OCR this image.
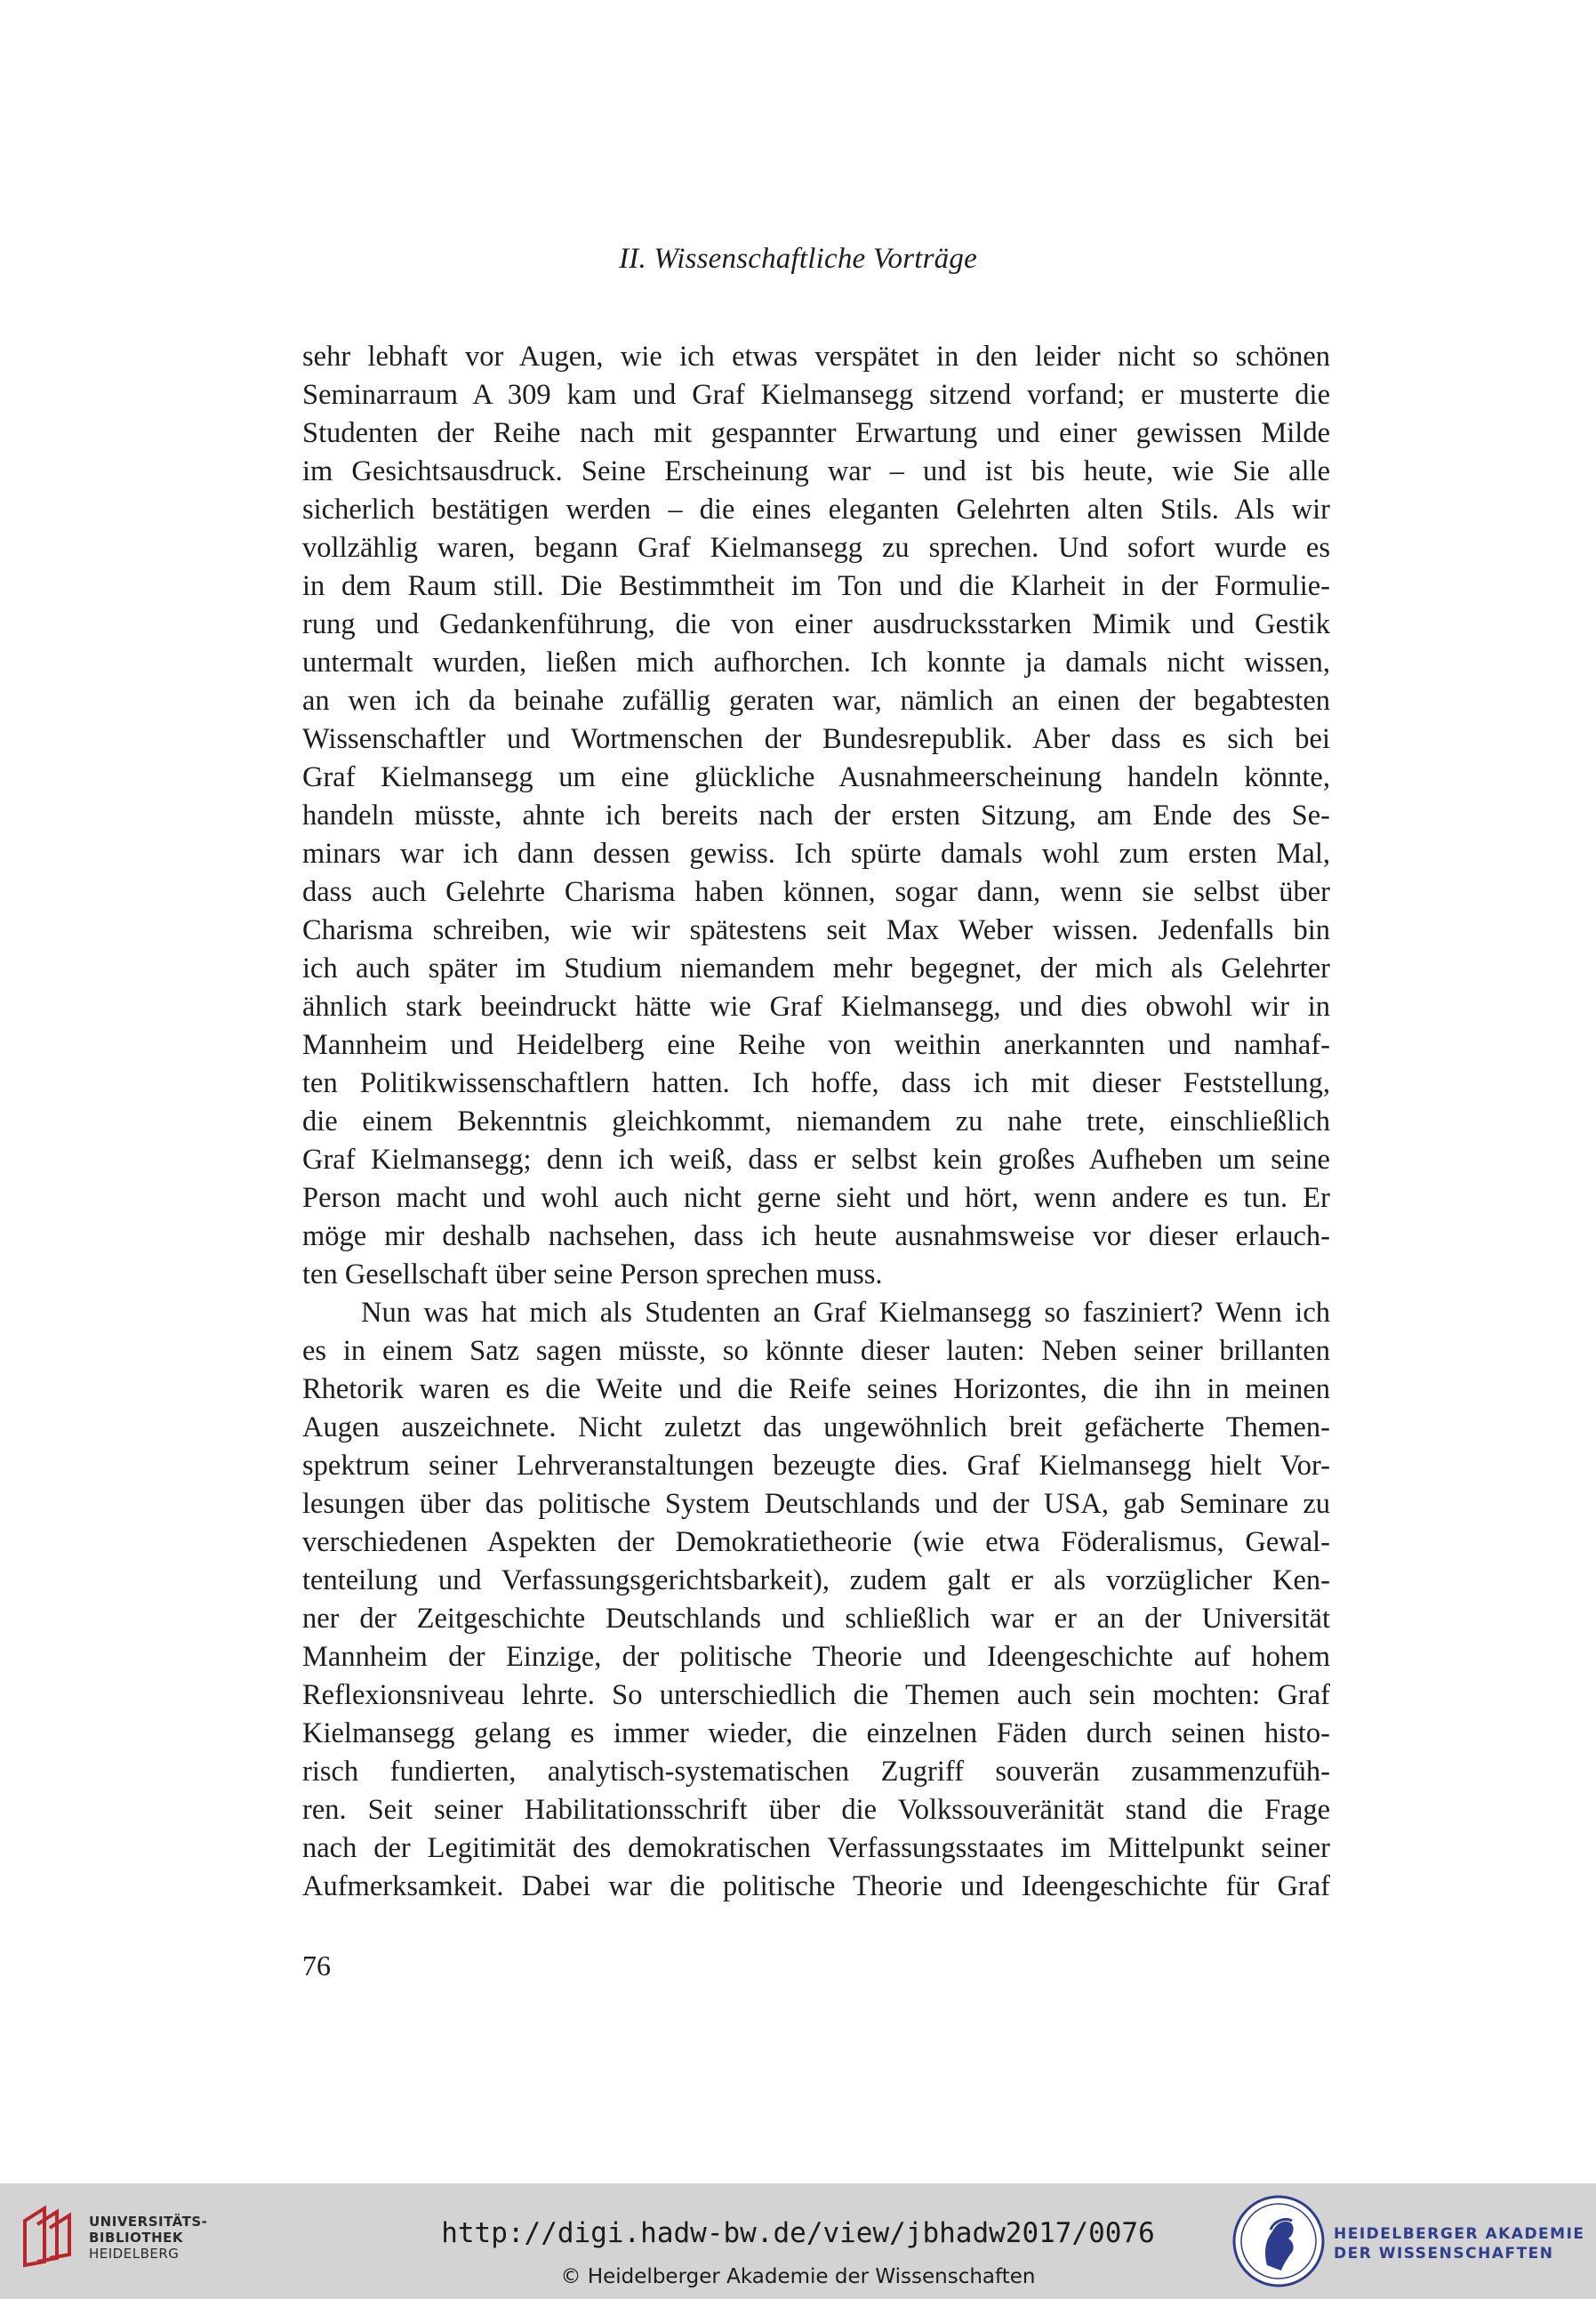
II. Wissenschaftliche Vorträge
sehr lebhaft vor Augen, wie ich etwas verspätet in den leider nicht so schönen
Seminarraum A 309 kam und Graf Kielmansegg sitzend vorfand; er musterte die
Studenten der Reihe nach mit gespannter Erwartung und einer gewissen Milde
im Gesichtsausdruck. Seine Erscheinung war – und ist bis heute, wie Sie alle
sicherlich bestätigen werden – die eines eleganten Gelehrten alten Stils. Als wir
vollzählig waren, begann Graf Kielmansegg zu sprechen. Und sofort wurde es
in dem Raum still. Die Bestimmtheit im Ton und die Klarheit in der Formulie-
rung und Gedankenführung, die von einer ausdrucksstarken Mimik und Gestik
untermalt wurden, ließen mich aufhorchen. Ich konnte ja damals nicht wissen,
an wen ich da beinahe zufällig geraten war, nämlich an einen der begabtesten
Wissenschaftler und Wortmenschen der Bundesrepublik. Aber dass es sich bei
Graf Kielmansegg um eine glückliche Ausnahmeerscheinung handeln könnte,
handeln müsste, ahnte ich bereits nach der ersten Sitzung, am Ende des Se-
minars war ich dann dessen gewiss. Ich spürte damals wohl zum ersten Mal,
dass auch Gelehrte Charisma haben können, sogar dann, wenn sie selbst über
Charisma schreiben, wie wir spätestens seit Max Weber wissen. Jedenfalls bin
ich auch später im Studium niemandem mehr begegnet, der mich als Gelehrter
ähnlich stark beeindruckt hätte wie Graf Kielmansegg, und dies obwohl wir in
Mannheim und Heidelberg eine Reihe von weithin anerkannten und namhaf-
ten Politikwissenschaftlern hatten. Ich hoffe, dass ich mit dieser Feststellung,
die einem Bekenntnis gleichkommt, niemandem zu nahe trete, einschließlich
Graf Kielmansegg; denn ich weiß, dass er selbst kein großes Aufheben um seine
Person macht und wohl auch nicht gerne sieht und hört, wenn andere es tun. Er
möge mir deshalb nachsehen, dass ich heute ausnahmsweise vor dieser erlauch-
ten Gesellschaft über seine Person sprechen muss.
Nun was hat mich als Studenten an Graf Kielmansegg so fasziniert? Wenn ich
es in einem Satz sagen müsste, so könnte dieser lauten: Neben seiner brillanten
Rhetorik waren es die Weite und die Reife seines Horizontes, die ihn in meinen
Augen auszeichnete. Nicht zuletzt das ungewöhnlich breit gefächerte Themen-
spektrum seiner Lehrveranstaltungen bezeugte dies. Graf Kielmansegg hielt Vor-
lesungen über das politische System Deutschlands und der USA, gab Seminare zu
verschiedenen Aspekten der Demokratietheorie (wie etwa Föderalismus, Gewal-
tenteilung und Verfassungsgerichtsbarkeit), zudem galt er als vorzüglicher Ken-
ner der Zeitgeschichte Deutschlands und schließlich war er an der Universität
Mannheim der Einzige, der politische Theorie und Ideengeschichte auf hohem
Reflexionsniveau lehrte. So unterschiedlich die Themen auch sein mochten: Graf
Kielmansegg gelang es immer wieder, die einzelnen Fäden durch seinen histo-
risch fundierten, analytisch-systematischen Zugriff souverän zusammenzufüh-
ren. Seit seiner Habilitationsschrift über die Volkssouveränität stand die Frage
nach der Legitimität des demokratischen Verfassungsstaates im Mittelpunkt seiner
Aufmerksamkeit. Dabei war die politische Theorie und Ideengeschichte für Graf
76
UNIVERSITÄTS-
BIBLIOTHEK
HEIDELBERG
http://digi.hadw-bw.de/view/jbhadw2017/0076
© Heidelberger Akademie der Wissenschaften
HEIDELBERGER AKADEMIE
DER WISSENSCHAFTEN
